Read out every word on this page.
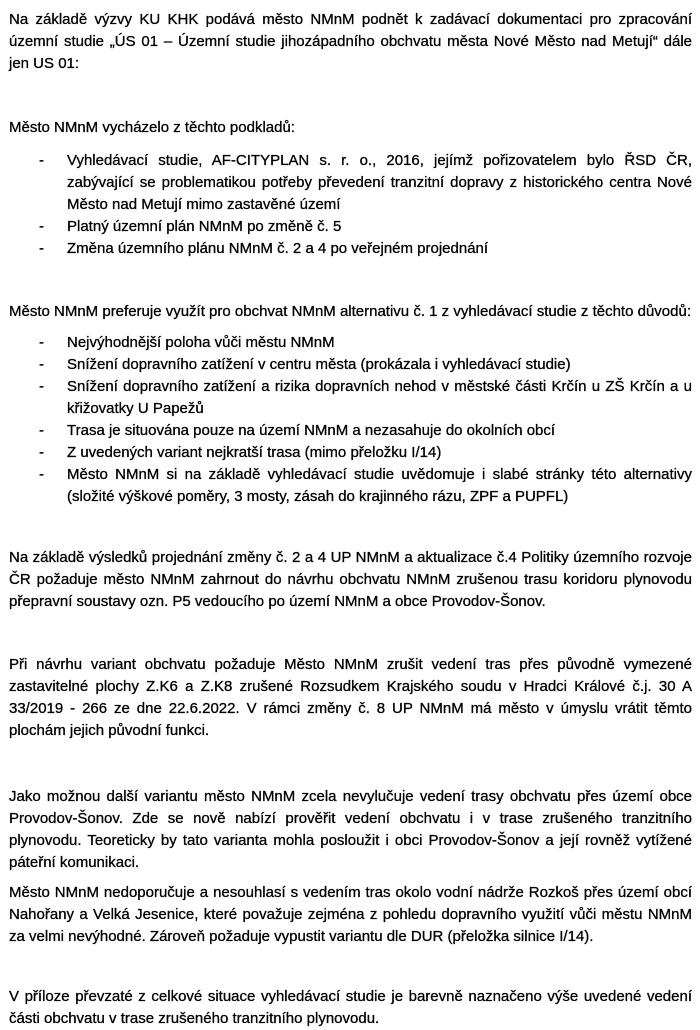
Na základě výzvy KU KHK podává město NMnM podnět k zadávací dokumentaci pro zpracování územní studie „ÚS 01 – Územní studie jihozápadního obchvatu města Nové Město nad Metují“ dále jen US 01:

Město NMnM vycházelo z těchto podkladů:

-	Vyhledávací studie, AF-CITYPLAN s. r. o., 2016, jejímž pořizovatelem bylo ŘSD ČR, zabývající se problematikou potřeby převedení tranzitní dopravy z historického centra Nové Město nad Metují mimo zastavěné území
-	Platný územní plán NMnM po změně č. 5
-	Změna územního plánu NMnM č. 2 a 4 po veřejném projednání

Město NMnM preferuje využít pro obchvat NMnM alternativu č. 1 z vyhledávací studie z těchto důvodů:

-	Nejvýhodnější poloha vůči městu NMnM
-	Snížení dopravního zatížení v centru města (prokázala i vyhledávací studie)
-	Snížení dopravního zatížení a rizika dopravních nehod v městské části Krčín u ZŠ Krčín a u křižovatky U Papežů
-	Trasa je situována pouze na území NMnM a nezasahuje do okolních obcí
-	Z uvedených variant nejkratší trasa (mimo přeložku I/14)
-	Město NMnM si na základě vyhledávací studie uvědomuje i slabé stránky této alternativy (složité výškové poměry, 3 mosty, zásah do krajinného rázu, ZPF a PUPFL)

Na základě výsledků projednání změny č. 2 a 4 UP NMnM a aktualizace č.4 Politiky územního rozvoje ČR požaduje město NMnM zahrnout do návrhu obchvatu NMnM zrušenou trasu koridoru plynovodu přepravní soustavy ozn. P5 vedoucího po území NMnM a obce Provodov-Šonov.

Při návrhu variant obchvatu požaduje Město NMnM zrušit vedení tras přes původně vymezené zastavitelné plochy Z.K6 a Z.K8 zrušené Rozsudkem Krajského soudu v Hradci Králové č.j. 30 A 33/2019 - 266 ze dne 22.6.2022. V rámci změny č. 8 UP NMnM má město v úmyslu vrátit těmto plochám jejich původní funkci.

Jako možnou další variantu město NMnM zcela nevylučuje vedení trasy obchvatu přes území obce Provodov-Šonov. Zde se nově nabízí prověřit vedení obchvatu i v trase zrušeného tranzitního plynovodu. Teoreticky by tato varianta mohla posloužit i obci Provodov-Šonov a její rovněž vytížené páteřní komunikaci.

Město NMnM nedoporučuje a nesouhlasí s vedením tras okolo vodní nádrže Rozkoš přes území obcí Nahořany a Velká Jesenice, které považuje zejména z pohledu dopravního využití vůči městu NMnM za velmi nevýhodné. Zároveň požaduje vypustit variantu dle DUR (přeložka silnice I/14).

V příloze převzaté z celkové situace vyhledávací studie je barevně naznačeno výše uvedené vedení části obchvatu v trase zrušeného tranzitního plynovodu.
